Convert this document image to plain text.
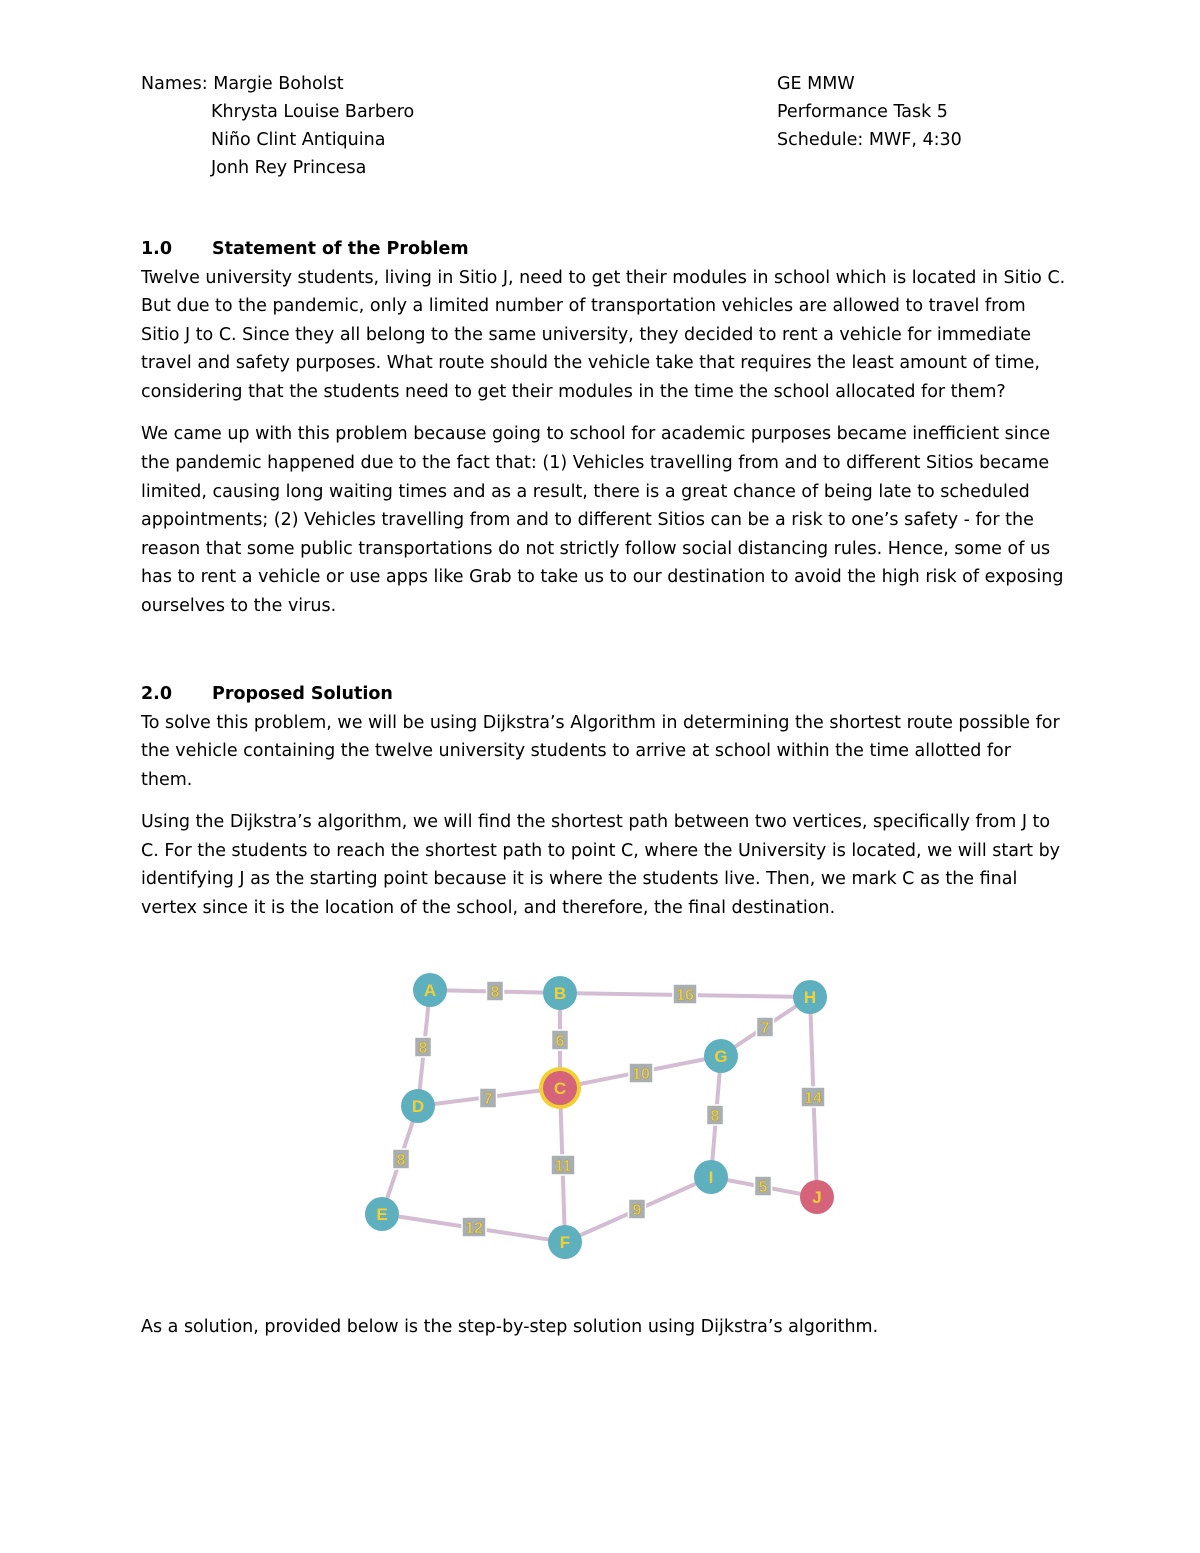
Names: Margie Boholst
Khrysta Louise Barbero
Niño Clint Antiquina
Jonh Rey Princesa
GE MMW
Performance Task 5
Schedule: MWF, 4:30
1.0 Statement of the Problem

Twelve university students, living in Sitio J, need to get their modules in school which is located in Sitio C. But due to the pandemic, only a limited number of transportation vehicles are allowed to travel from Sitio J to C. Since they all belong to the same university, they decided to rent a vehicle for immediate travel and safety purposes. What route should the vehicle take that requires the least amount of time, considering that the students need to get their modules in the time the school allocated for them?

We came up with this problem because going to school for academic purposes became inefficient since the pandemic happened due to the fact that: (1) Vehicles travelling from and to different Sitios became limited, causing long waiting times and as a result, there is a great chance of being late to scheduled appointments; (2) Vehicles travelling from and to different Sitios can be a risk to one’s safety - for the reason that some public transportations do not strictly follow social distancing rules. Hence, some of us has to rent a vehicle or use apps like Grab to take us to our destination to avoid the high risk of exposing ourselves to the virus.

2.0 Proposed Solution

To solve this problem, we will be using Dijkstra’s Algorithm in determining the shortest route possible for the vehicle containing the twelve university students to arrive at school within the time allotted for them.

Using the Dijkstra’s algorithm, we will find the shortest path between two vertices, specifically from J to C. For the students to reach the shortest path to point C, where the University is located, we will start by identifying J as the starting point because it is where the students live. Then, we mark C as the final vertex since it is the location of the school, and therefore, the final destination.

8	16
8	6
7
10
7
8
14
8	11
5
9
12
A	B	H
G
C
D
E
F
I
J
As a solution, provided below is the step-by-step solution using Dijkstra’s algorithm.
